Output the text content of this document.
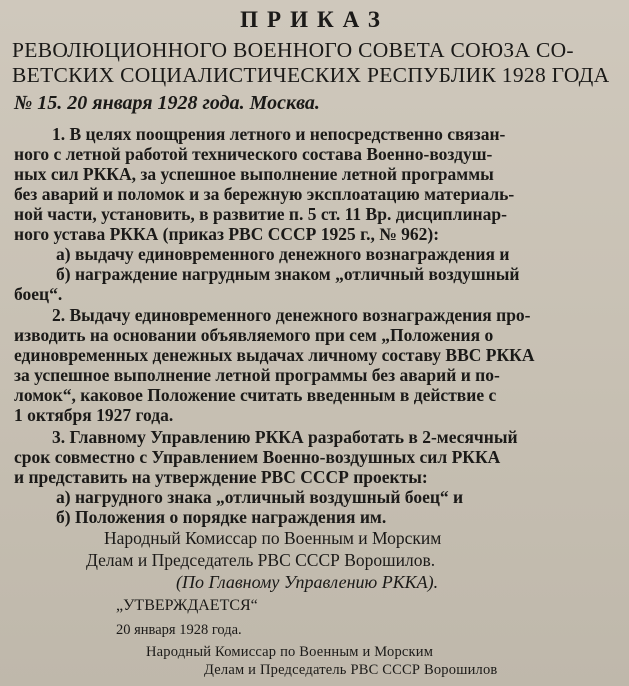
ПРИКАЗ
РЕВОЛЮЦИОННОГО ВОЕННОГО СОВЕТА СОЮЗА СО-
ВЕТСКИХ СОЦИАЛИСТИЧЕСКИХ РЕСПУБЛИК 1928 ГОДА
№ 15. 20 января 1928 года. Москва.
1. В целях поощрения летного и непосредственно связан-
ного с летной работой технического состава Военно-воздуш-
ных сил РККА, за успешное выполнение летной программы
без аварий и поломок и за бережную эксплоатацию материаль-
ной части, установить, в развитие п. 5 ст. 11 Вр. дисциплинар-
ного устава РККА (приказ РВС СССР 1925 г., № 962):
а) выдачу единовременного денежного вознаграждения и
б) награждение нагрудным знаком „отличный воздушный
боец“.
2. Выдачу единовременного денежного вознаграждения про-
изводить на основании объявляемого при сем „Положения о
единовременных денежных выдачах личному составу ВВС РККА
за успешное выполнение летной программы без аварий и по-
ломок“, каковое Положение считать введенным в действие с
1 октября 1927 года.
3. Главному Управлению РККА разработать в 2-месячный
срок совместно с Управлением Военно-воздушных сил РККА
и представить на утверждение РВС СССР проекты:
а) нагрудного знака „отличный воздушный боец“ и
б) Положения о порядке награждения им.
Народный Комиссар по Военным и Морским
Делам и Председатель РВС СССР Ворошилов.
(По Главному Управлению РККА).
„УТВЕРЖДАЕТСЯ“
20 января 1928 года.
Народный Комиссар по Военным и Морским
Делам и Председатель РВС СССР Ворошилов
